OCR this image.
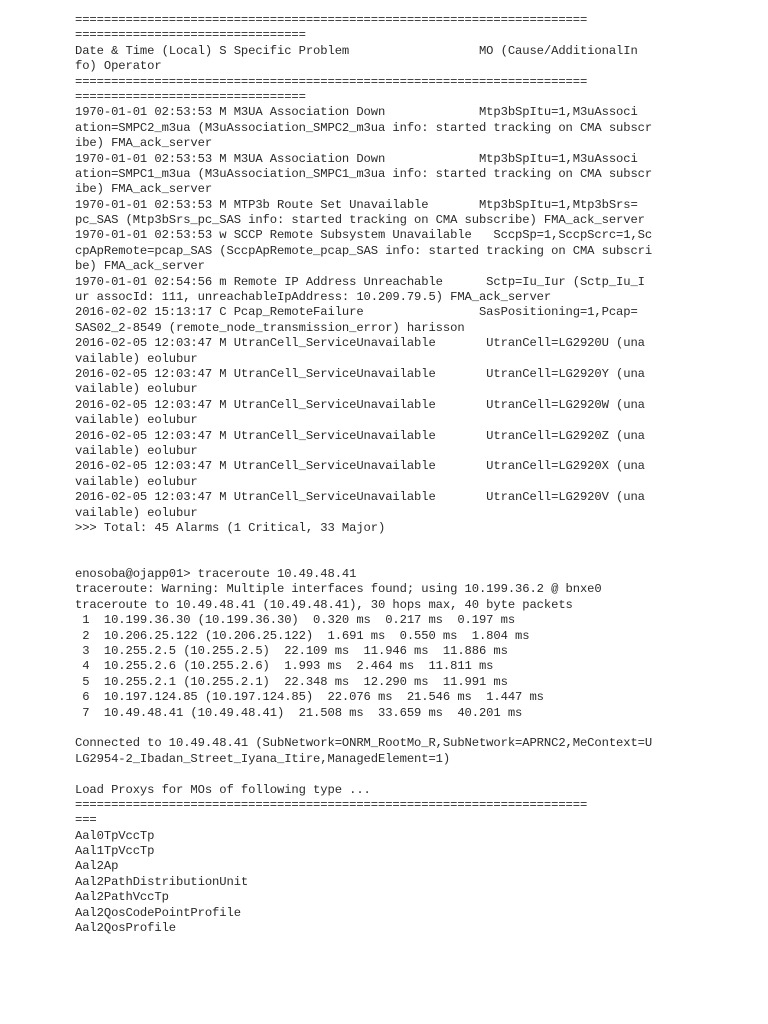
=======================================================================
================================
Date & Time (Local) S Specific Problem                  MO (Cause/AdditionalIn
fo) Operator
=======================================================================
================================
1970-01-01 02:53:53 M M3UA Association Down             Mtp3bSpItu=1,M3uAssoci
ation=SMPC2_m3ua (M3uAssociation_SMPC2_m3ua info: started tracking on CMA subscr
ibe) FMA_ack_server
1970-01-01 02:53:53 M M3UA Association Down             Mtp3bSpItu=1,M3uAssoci
ation=SMPC1_m3ua (M3uAssociation_SMPC1_m3ua info: started tracking on CMA subscr
ibe) FMA_ack_server
1970-01-01 02:53:53 M MTP3b Route Set Unavailable       Mtp3bSpItu=1,Mtp3bSrs=
pc_SAS (Mtp3bSrs_pc_SAS info: started tracking on CMA subscribe) FMA_ack_server
1970-01-01 02:53:53 w SCCP Remote Subsystem Unavailable   SccpSp=1,SccpScrc=1,Sc
cpApRemote=pcap_SAS (SccpApRemote_pcap_SAS info: started tracking on CMA subscri
be) FMA_ack_server
1970-01-01 02:54:56 m Remote IP Address Unreachable      Sctp=Iu_Iur (Sctp_Iu_I
ur assocId: 111, unreachableIpAddress: 10.209.79.5) FMA_ack_server
2016-02-02 15:13:17 C Pcap_RemoteFailure                SasPositioning=1,Pcap=
SAS02_2-8549 (remote_node_transmission_error) harisson
2016-02-05 12:03:47 M UtranCell_ServiceUnavailable       UtranCell=LG2920U (una
vailable) eolubur
2016-02-05 12:03:47 M UtranCell_ServiceUnavailable       UtranCell=LG2920Y (una
vailable) eolubur
2016-02-05 12:03:47 M UtranCell_ServiceUnavailable       UtranCell=LG2920W (una
vailable) eolubur
2016-02-05 12:03:47 M UtranCell_ServiceUnavailable       UtranCell=LG2920Z (una
vailable) eolubur
2016-02-05 12:03:47 M UtranCell_ServiceUnavailable       UtranCell=LG2920X (una
vailable) eolubur
2016-02-05 12:03:47 M UtranCell_ServiceUnavailable       UtranCell=LG2920V (una
vailable) eolubur
>>> Total: 45 Alarms (1 Critical, 33 Major)
enosoba@ojapp01> traceroute 10.49.48.41
traceroute: Warning: Multiple interfaces found; using 10.199.36.2 @ bnxe0
traceroute to 10.49.48.41 (10.49.48.41), 30 hops max, 40 byte packets
1  10.199.36.30 (10.199.36.30)  0.320 ms  0.217 ms  0.197 ms
2  10.206.25.122 (10.206.25.122)  1.691 ms  0.550 ms  1.804 ms
3  10.255.2.5 (10.255.2.5)  22.109 ms  11.946 ms  11.886 ms
4  10.255.2.6 (10.255.2.6)  1.993 ms  2.464 ms  11.811 ms
5  10.255.2.1 (10.255.2.1)  22.348 ms  12.290 ms  11.991 ms
6  10.197.124.85 (10.197.124.85)  22.076 ms  21.546 ms  1.447 ms
7  10.49.48.41 (10.49.48.41)  21.508 ms  33.659 ms  40.201 ms
Connected to 10.49.48.41 (SubNetwork=ONRM_RootMo_R,SubNetwork=APRNC2,MeContext=U
LG2954-2_Ibadan_Street_Iyana_Itire,ManagedElement=1)
Load Proxys for MOs of following type ...
=======================================================================
===
Aal0TpVccTp
Aal1TpVccTp
Aal2Ap
Aal2PathDistributionUnit
Aal2PathVccTp
Aal2QosCodePointProfile
Aal2QosProfile
